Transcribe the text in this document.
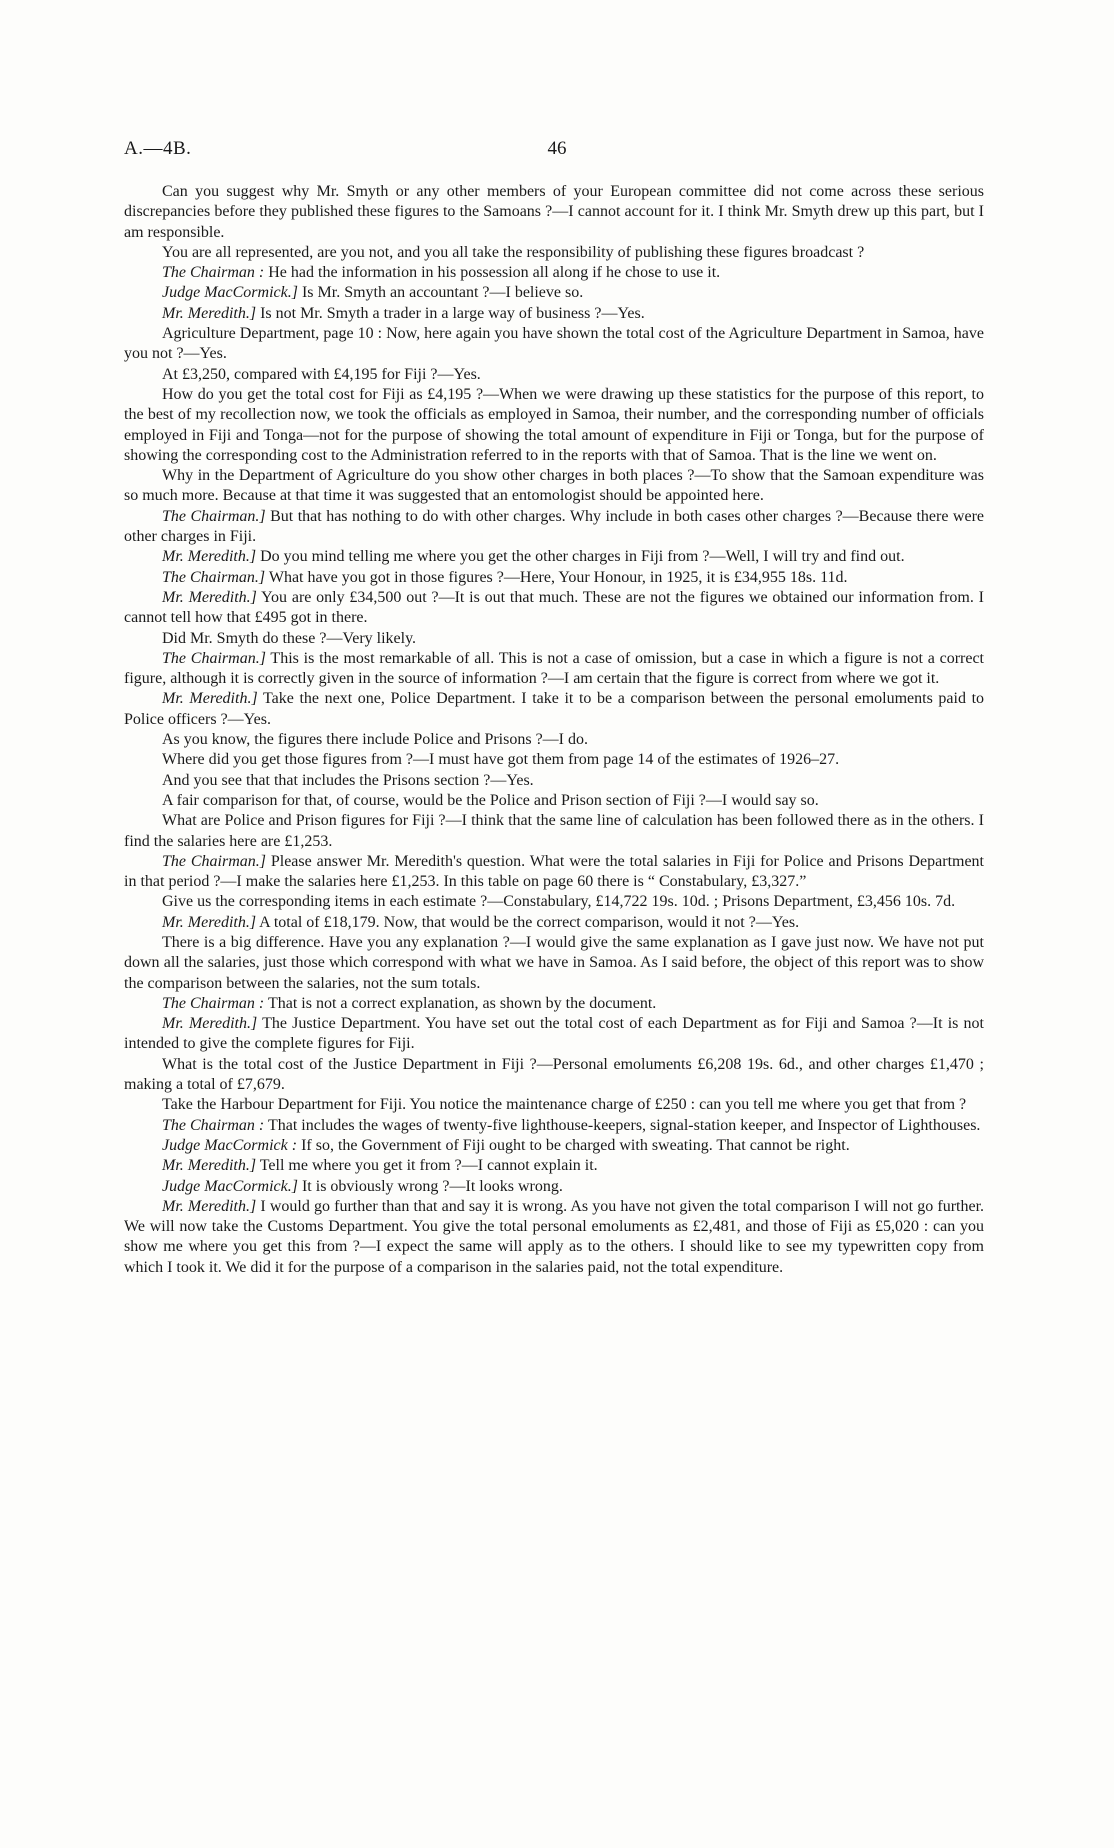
A.—4B.	46

Can you suggest why Mr. Smyth or any other members of your European committee did not come across these serious discrepancies before they published these figures to the Samoans ?—I cannot account for it. I think Mr. Smyth drew up this part, but I am responsible.

You are all represented, are you not, and you all take the responsibility of publishing these figures broadcast ?

The Chairman : He had the information in his possession all along if he chose to use it.

Judge MacCormick.] Is Mr. Smyth an accountant ?—I believe so.

Mr. Meredith.] Is not Mr. Smyth a trader in a large way of business ?—Yes.

Agriculture Department, page 10 : Now, here again you have shown the total cost of the Agriculture Department in Samoa, have you not ?—Yes.

At £3,250, compared with £4,195 for Fiji ?—Yes.

How do you get the total cost for Fiji as £4,195 ?—When we were drawing up these statistics for the purpose of this report, to the best of my recollection now, we took the officials as employed in Samoa, their number, and the corresponding number of officials employed in Fiji and Tonga—not for the purpose of showing the total amount of expenditure in Fiji or Tonga, but for the purpose of showing the corresponding cost to the Administration referred to in the reports with that of Samoa. That is the line we went on.

Why in the Department of Agriculture do you show other charges in both places ?—To show that the Samoan expenditure was so much more. Because at that time it was suggested that an entomologist should be appointed here.

The Chairman.] But that has nothing to do with other charges. Why include in both cases other charges ?—Because there were other charges in Fiji.

Mr. Meredith.] Do you mind telling me where you get the other charges in Fiji from ?—Well, I will try and find out.

The Chairman.] What have you got in those figures ?—Here, Your Honour, in 1925, it is £34,955 18s. 11d.

Mr. Meredith.] You are only £34,500 out ?—It is out that much. These are not the figures we obtained our information from. I cannot tell how that £495 got in there.

Did Mr. Smyth do these ?—Very likely.

The Chairman.] This is the most remarkable of all. This is not a case of omission, but a case in which a figure is not a correct figure, although it is correctly given in the source of information ?—I am certain that the figure is correct from where we got it.

Mr. Meredith.] Take the next one, Police Department. I take it to be a comparison between the personal emoluments paid to Police officers ?—Yes.

As you know, the figures there include Police and Prisons ?—I do.

Where did you get those figures from ?—I must have got them from page 14 of the estimates of 1926–27.

And you see that that includes the Prisons section ?—Yes.

A fair comparison for that, of course, would be the Police and Prison section of Fiji ?—I would say so.

What are Police and Prison figures for Fiji ?—I think that the same line of calculation has been followed there as in the others. I find the salaries here are £1,253.

The Chairman.] Please answer Mr. Meredith's question. What were the total salaries in Fiji for Police and Prisons Department in that period ?—I make the salaries here £1,253. In this table on page 60 there is “ Constabulary, £3,327.”

Give us the corresponding items in each estimate ?—Constabulary, £14,722 19s. 10d. ; Prisons Department, £3,456 10s. 7d.

Mr. Meredith.] A total of £18,179. Now, that would be the correct comparison, would it not ?—Yes.

There is a big difference. Have you any explanation ?—I would give the same explanation as I gave just now. We have not put down all the salaries, just those which correspond with what we have in Samoa. As I said before, the object of this report was to show the comparison between the salaries, not the sum totals.

The Chairman : That is not a correct explanation, as shown by the document.

Mr. Meredith.] The Justice Department. You have set out the total cost of each Department as for Fiji and Samoa ?—It is not intended to give the complete figures for Fiji.

What is the total cost of the Justice Department in Fiji ?—Personal emoluments £6,208 19s. 6d., and other charges £1,470 ; making a total of £7,679.

Take the Harbour Department for Fiji. You notice the maintenance charge of £250 : can you tell me where you get that from ?

The Chairman : That includes the wages of twenty-five lighthouse-keepers, signal-station keeper, and Inspector of Lighthouses.

Judge MacCormick : If so, the Government of Fiji ought to be charged with sweating. That cannot be right.

Mr. Meredith.] Tell me where you get it from ?—I cannot explain it.

Judge MacCormick.] It is obviously wrong ?—It looks wrong.

Mr. Meredith.] I would go further than that and say it is wrong. As you have not given the total comparison I will not go further. We will now take the Customs Department. You give the total personal emoluments as £2,481, and those of Fiji as £5,020 : can you show me where you get this from ?—I expect the same will apply as to the others. I should like to see my typewritten copy from which I took it. We did it for the purpose of a comparison in the salaries paid, not the total expenditure.
